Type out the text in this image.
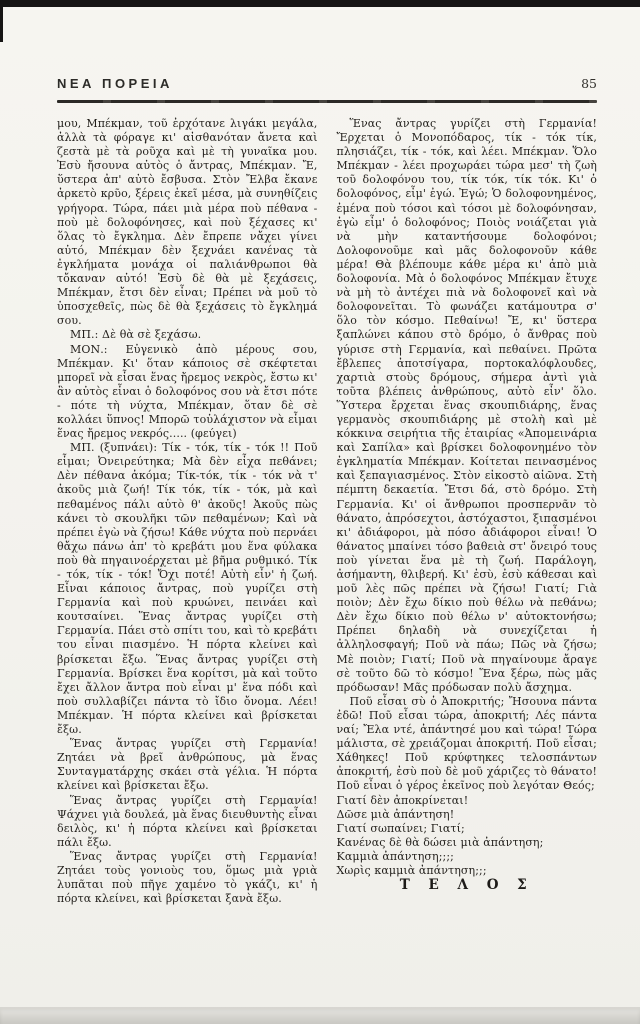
ΝΕΑ ΠΟΡΕΙΑ	85

μου, Μπέκμαν, τοῦ ἐρχότανε λιγάκι μεγάλα, ἀλλὰ τὰ φόραγε κι' αἰσθανόταν ἄνετα καὶ ζεστὰ μὲ τὰ ροῦχα καὶ μὲ τὴ γυναῖκα μου. Ἐσὺ ἤσουνα αὐτὸς ὁ ἄντρας, Μπέκμαν. Ἔ, ὕστερα ἀπ' αὐτὸ ἔσβυσα. Στὸν Ἔλβα ἔκανε ἀρκετὸ κρῦο, ξέρεις ἐκεῖ μέσα, μὰ συνηθίζεις γρήγορα. Τώρα, πάει μιὰ μέρα ποὺ πέθανα - ποὺ μὲ δολοφόνησες, καὶ ποὺ ξέχασες κι' ὅλας τὸ ἔγκλημα. Δὲν ἔπρεπε νἄχει γίνει αὐτό, Μπέκμαν δὲν ξεχνάει κανένας τὰ ἐγκλήματα μονάχα οἱ παλιάνθρωποι θὰ τὄκαναν αὐτό! Ἐσὺ δὲ θὰ μὲ ξεχάσεις, Μπέκμαν, ἔτσι δὲν εἶναι; Πρέπει νὰ μοῦ τὸ ὑποσχεθεῖς, πὼς δὲ θὰ ξεχάσεις τὸ ἔγκλημά σου.

ΜΠ.: Δὲ θὰ σὲ ξεχάσω.

ΜΟΝ.: Εὐγενικὸ ἀπὸ μέρους σου, Μπέκμαν. Κι' ὅταν κάποιος σὲ σκέφτεται μπορεῖ νὰ εἶσαι ἕνας ἤρεμος νεκρὸς, ἔστω κι' ἂν αὐτὸς εἶναι ὁ δολοφόνος σου νὰ ἔτσι πότε - πότε τὴ νύχτα, Μπέκμαν, ὅταν δὲ σὲ κολλάει ὕπνος! Μπορῶ τοὐλάχιστον νὰ εἶμαι ἕνας ἤρεμος νεκρός..... (φεύγει)

ΜΠ. (ξυπνάει): Τίκ - τόκ, τίκ - τόκ !! Ποῦ εἶμαι; Ὀνειρεύτηκα; Μὰ δὲν εἶχα πεθάνει; Δὲν πέθανα ἀκόμα; Τίκ-τόκ, τίκ - τόκ νὰ τ' ἀκοῦς μιὰ ζωή! Τίκ τόκ, τίκ - τόκ, μὰ καὶ πεθαμένος πάλι αὐτὸ θ' ἀκοῦς! Ἀκοῦς πὼς κάνει τὸ σκουλῆκι τῶν πεθαμένων; Καὶ νὰ πρέπει ἐγὼ νὰ ζήσω! Κάθε νύχτα ποὺ περνάει θἄχω πάνω ἀπ' τὸ κρεβάτι μου ἕνα φύλακα ποὺ θὰ πηγαινοέρχεται μὲ βῆμα ρυθμικό. Τίκ - τόκ, τίκ - τόκ! Ὄχι ποτέ! Αὐτὴ εἶν' ἡ ζωή. Εἶναι κάποιος ἄντρας, ποὺ γυρίζει στὴ Γερμανία καὶ ποὺ κρυώνει, πεινάει καὶ κουτσαίνει. Ἕνας ἄντρας γυρίζει στὴ Γερμανία. Πάει στὸ σπίτι του, καὶ τὸ κρεβάτι του εἶναι πιασμένο. Ἡ πόρτα κλείνει καὶ βρίσκεται ἔξω. Ἕνας ἄντρας γυρίζει στὴ Γερμανία. Βρίσκει ἕνα κορίτσι, μὰ καὶ τοῦτο ἔχει ἄλλον ἄντρα ποὺ εἶναι μ' ἕνα πόδι καὶ ποὺ συλλαβίζει πάντα τὸ ἴδιο ὄνομα. Λέει! Μπέκμαν. Ἡ πόρτα κλείνει καὶ βρίσκεται ἔξω.

Ἕνας ἄντρας γυρίζει στὴ Γερμανία! Ζητάει νὰ βρεῖ ἀνθρώπους, μὰ ἕνας Συνταγματάρχης σκάει στὰ γέλια. Ἡ πόρτα κλείνει καὶ βρίσκεται ἔξω.

Ἕνας ἄντρας γυρίζει στὴ Γερμανία! Ψάχνει γιὰ δουλεά, μὰ ἕνας διευθυντὴς εἶναι δειλὸς, κι' ἡ πόρτα κλείνει καὶ βρίσκεται πάλι ἔξω.

Ἕνας ἄντρας γυρίζει στὴ Γερμανία! Ζητάει τοὺς γονιοὺς του, ὅμως μιὰ γριὰ λυπᾶται ποὺ πῆγε χαμένο τὸ γκάζι, κι' ἡ πόρτα κλείνει, καὶ βρίσκεται ξανὰ ἔξω.

Ἕνας ἄντρας γυρίζει στὴ Γερμανία! Ἔρχεται ὁ Μονοπόδαρος, τίκ - τόκ τίκ, πλησιάζει, τίκ - τόκ, καὶ λέει. Μπέκμαν. Ὅλο Μπέκμαν - λέει προχωράει τώρα μεσ' τὴ ζωὴ τοῦ δολοφόνου του, τίκ τόκ, τίκ τόκ. Κι' ὁ δολοφόνος, εἶμ' ἐγώ. Ἐγώ; Ὁ δολοφονημένος, ἐμένα ποὺ τόσοι καὶ τόσοι μὲ δολοφόνησαν, ἐγὼ εἶμ' ὁ δολοφόνος; Ποιὸς νοιάζεται γιὰ νὰ μὴν καταντήσουμε δολοφόνοι; Δολοφονοῦμε καὶ μᾶς δολοφονοῦν κάθε μέρα! Θὰ βλέπουμε κάθε μέρα κι' ἀπὸ μιὰ δολοφονία. Μὰ ὁ δολοφόνος Μπέκμαν ἔτυχε νὰ μὴ τὸ ἀντέχει πιὰ νὰ δολοφονεῖ καὶ νὰ δολοφονεῖται. Τὸ φωνάζει κατάμουτρα σ' ὅλο τὸν κόσμο. Πεθαίνω! Ἔ, κι' ὕστερα ξαπλώνει κάπου στὸ δρόμο, ὁ ἄνθρας ποὺ γύρισε στὴ Γερμανία, καὶ πεθαίνει. Πρῶτα ἔβλεπες ἀποτσίγαρα, πορτοκαλόφλουδες, χαρτιὰ στοὺς δρόμους, σήμερα ἀντὶ γιὰ τοῦτα βλέπεις ἀνθρώπους, αὐτὸ εἶν' ὅλο. Ὕστερα ἔρχεται ἕνας σκουπιδιάρης, ἕνας γερμανὸς σκουπιδιάρης μὲ στολὴ καὶ μὲ κόκκινα σειρήτια τῆς ἑταιρίας «Ἀπομεινάρια καὶ Σαπίλα» καὶ βρίσκει δολοφονημένο τὸν ἐγκληματία Μπέκμαν. Κοίτεται πεινασμένος καὶ ξεπαγιασμένος. Στὸν εἰκοστὸ αἰῶνα. Στὴ πέμπτη δεκαετία. Ἔτσι δά, στὸ δρόμο. Στὴ Γερμανία. Κι' οἱ ἄνθρωποι προσπερνᾶν τὸ θάνατο, ἀπρόσεχτοι, ἀστόχαστοι, ξιπασμένοι κι' ἀδιάφοροι, μὰ πόσο ἀδιάφοροι εἶναι! Ὁ θάνατος μπαίνει τόσο βαθειὰ στ' ὄνειρό τους ποὺ γίνεται ἕνα μὲ τὴ ζωή. Παράλογη, ἀσήμαντη, θλιβερή. Κι' ἐσὺ, ἐσὺ κάθεσαι καὶ μοῦ λὲς πῶς πρέπει νὰ ζήσω! Γιατί; Γιὰ ποιὸν; Δὲν ἔχω δίκιο ποὺ θέλω νὰ πεθάνω; Δὲν ἔχω δίκιο ποὺ θέλω ν' αὐτοκτονήσω; Πρέπει δηλαδὴ νὰ συνεχίζεται ἡ ἀλληλοσφαγή; Ποῦ νὰ πάω; Πῶς νὰ ζήσω; Μὲ ποιὸν; Γιατί; Ποῦ νὰ πηγαίνουμε ἄραγε σὲ τοῦτο δῶ τὸ κόσμο! Ἕνα ξέρω, πὼς μᾶς πρόδωσαν! Μᾶς πρόδωσαν πολὺ ἄσχημα.

Ποῦ εἶσαι σὺ ὁ Ἀποκριτής; Ἤσουνα πάντα ἐδῶ! Ποῦ εἶσαι τώρα, ἀποκριτή; Λές πάντα ναί; Ἔλα ντέ, ἀπάντησέ μου καὶ τώρα! Τώρα μάλιστα, σὲ χρειάζομαι ἀποκριτή. Ποῦ εἶσαι; Χάθηκες! Ποῦ κρύφτηκες τελοσπάντων ἀποκριτή, ἐσὺ ποὺ δὲ μοῦ χάριζες τὸ θάνατο! Ποῦ εἶναι ὁ γέρος ἐκεῖνος ποὺ λεγόταν Θεός;

Γιατί δὲν ἀποκρίνεται!

Δῶσε μιὰ ἀπάντηση!

Γιατί σωπαίνει; Γιατί;

Κανένας δὲ θὰ δώσει μιὰ ἀπάντηση;

Καμμιὰ ἀπάντηση;;;;

Χωρὶς καμμιὰ ἀπάντηση;;;

Τ Ε Λ Ο Σ
